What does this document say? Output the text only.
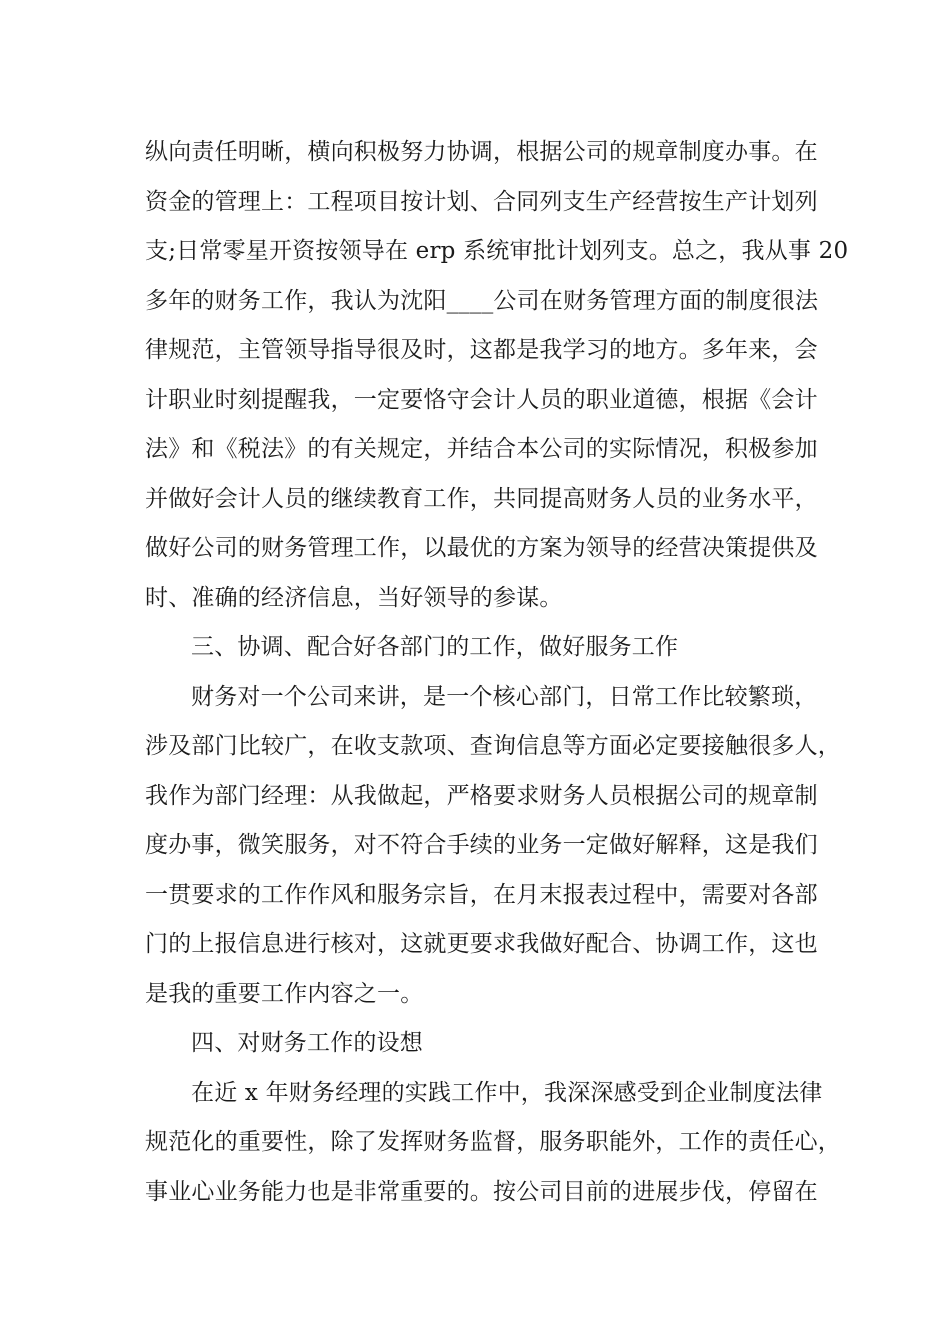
纵向责任明晰，横向积极努力协调，根据公司的规章制度办事。在
资金的管理上：工程项目按计划、合同列支生产经营按生产计划列
支;日常零星开资按领导在 erp 系统审批计划列支。总之，我从事 20
多年的财务工作，我认为沈阳____公司在财务管理方面的制度很法
律规范，主管领导指导很及时，这都是我学习的地方。多年来，会
计职业时刻提醒我，一定要恪守会计人员的职业道德，根据《会计
法》和《税法》的有关规定，并结合本公司的实际情况，积极参加
并做好会计人员的继续教育工作，共同提高财务人员的业务水平，
做好公司的财务管理工作，以最优的方案为领导的经营决策提供及
时、准确的经济信息，当好领导的参谋。
三、协调、配合好各部门的工作，做好服务工作
财务对一个公司来讲，是一个核心部门，日常工作比较繁琐，
涉及部门比较广，在收支款项、查询信息等方面必定要接触很多人，
我作为部门经理：从我做起，严格要求财务人员根据公司的规章制
度办事，微笑服务，对不符合手续的业务一定做好解释，这是我们
一贯要求的工作作风和服务宗旨，在月末报表过程中，需要对各部
门的上报信息进行核对，这就更要求我做好配合、协调工作，这也
是我的重要工作内容之一。
四、对财务工作的设想
在近 x 年财务经理的实践工作中，我深深感受到企业制度法律
规范化的重要性，除了发挥财务监督，服务职能外，工作的责任心，
事业心业务能力也是非常重要的。按公司目前的进展步伐，停留在
